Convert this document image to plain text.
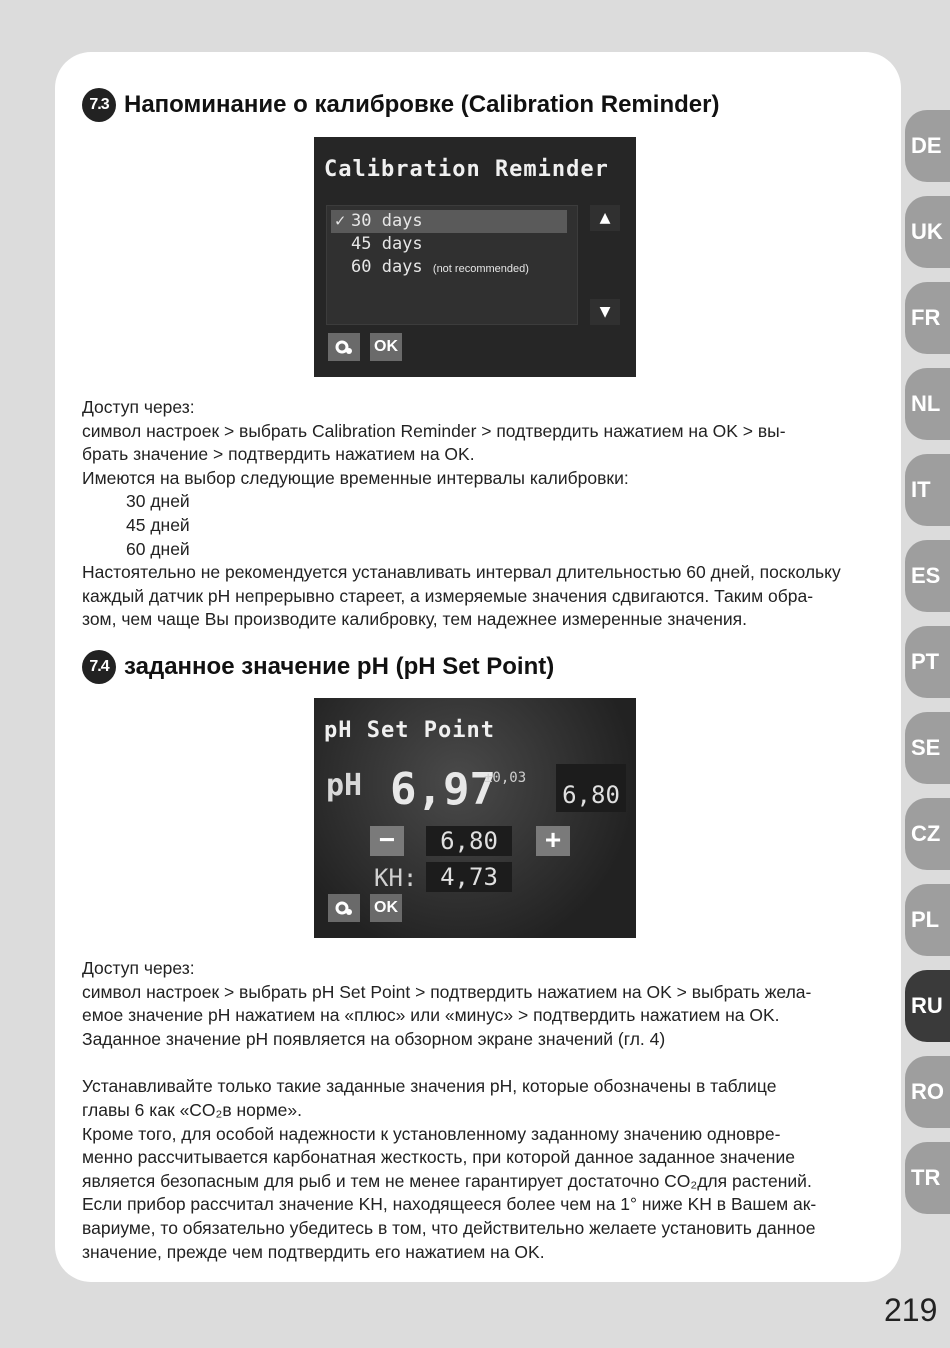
7.3 Напоминание о калибровке (Calibration Reminder)
Calibration Reminder
✓ 30 days
45 days
60 days (not recommended)
▲
▼
OK

Доступ через:

символ настроек > выбрать Calibration Reminder > подтвердить нажатием на OK > вы-

брать значение > подтвердить нажатием на OK.

Имеются на выбор следующие временные интервалы калибровки:

30 дней

45 дней

60 дней

Настоятельно не рекомендуется устанавливать интервал длительностью 60 дней, поскольку

каждый датчик pH непрерывно стареет, а измеряемые значения сдвигаются. Таким обра-

зом, чем чаще Вы производите калибровку, тем надежнее измеренные значения.

7.4 заданное значение pH (pH Set Point)
pH Set Point
pH 6,97
±0,03
6,80
−	6,80	+
KH: 4,73
OK

Доступ через:

символ настроек > выбрать pH Set Point > подтвердить нажатием на OK > выбрать жела-

емое значение pH нажатием на «плюс» или «минус» > подтвердить нажатием на OK.

Заданное значение pH появляется на обзорном экране значений (гл. 4)

Устанавливайте только такие заданные значения pH, которые обозначены в таблице

главы 6 как «CO₂в норме».

Кроме того, для особой надежности к установленному заданному значению одновре-

менно рассчитывается карбонатная жесткость, при которой данное заданное значение

является безопасным для рыб и тем не менее гарантирует достаточно CO₂для растений.

Если прибор рассчитал значение KH, находящееся более чем на 1° ниже KH в Вашем ак-

вариуме, то обязательно убедитесь в том, что действительно желаете установить данное

значение, прежде чем подтвердить его нажатием на OK.

DE
UK
FR
NL
IT
ES
PT
SE
CZ
PL
RU
RO
TR
219
